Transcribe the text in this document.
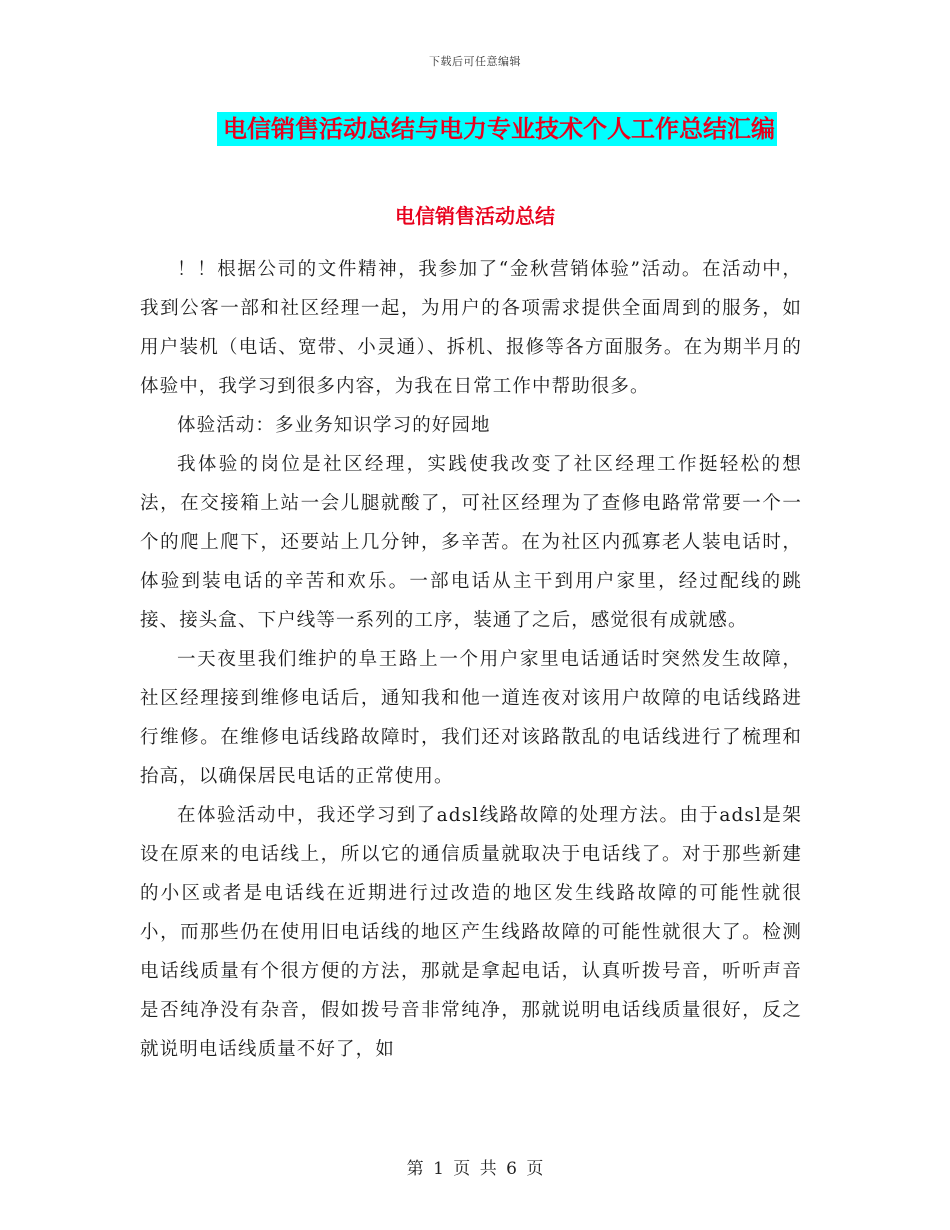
下载后可任意编辑
电信销售活动总结与电力专业技术个人工作总结汇编
电信销售活动总结

！！根据公司的文件精神，我参加了“金秋营销体验”活动。在活动中，我到公客一部和社区经理一起，为用户的各项需求提供全面周到的服务，如用户装机（电话、宽带、小灵通）、拆机、报修等各方面服务。在为期半月的体验中，我学习到很多内容，为我在日常工作中帮助很多。

体验活动：多业务知识学习的好园地

我体验的岗位是社区经理，实践使我改变了社区经理工作挺轻松的想法，在交接箱上站一会儿腿就酸了，可社区经理为了查修电路常常要一个一个的爬上爬下，还要站上几分钟，多辛苦。在为社区内孤寡老人装电话时，体验到装电话的辛苦和欢乐。一部电话从主干到用户家里，经过配线的跳接、接头盒、下户线等一系列的工序，装通了之后，感觉很有成就感。

一天夜里我们维护的阜王路上一个用户家里电话通话时突然发生故障，社区经理接到维修电话后，通知我和他一道连夜对该用户故障的电话线路进行维修。在维修电话线路故障时，我们还对该路散乱的电话线进行了梳理和抬高，以确保居民电话的正常使用。

在体验活动中，我还学习到了adsl线路故障的处理方法。由于adsl是架设在原来的电话线上，所以它的通信质量就取决于电话线了。对于那些新建的小区或者是电话线在近期进行过改造的地区发生线路故障的可能性就很小，而那些仍在使用旧电话线的地区产生线路故障的可能性就很大了。检测电话线质量有个很方便的方法，那就是拿起电话，认真听拨号音，听听声音是否纯净没有杂音，假如拨号音非常纯净，那就说明电话线质量很好，反之就说明电话线质量不好了，如

第 1 页 共 6 页
